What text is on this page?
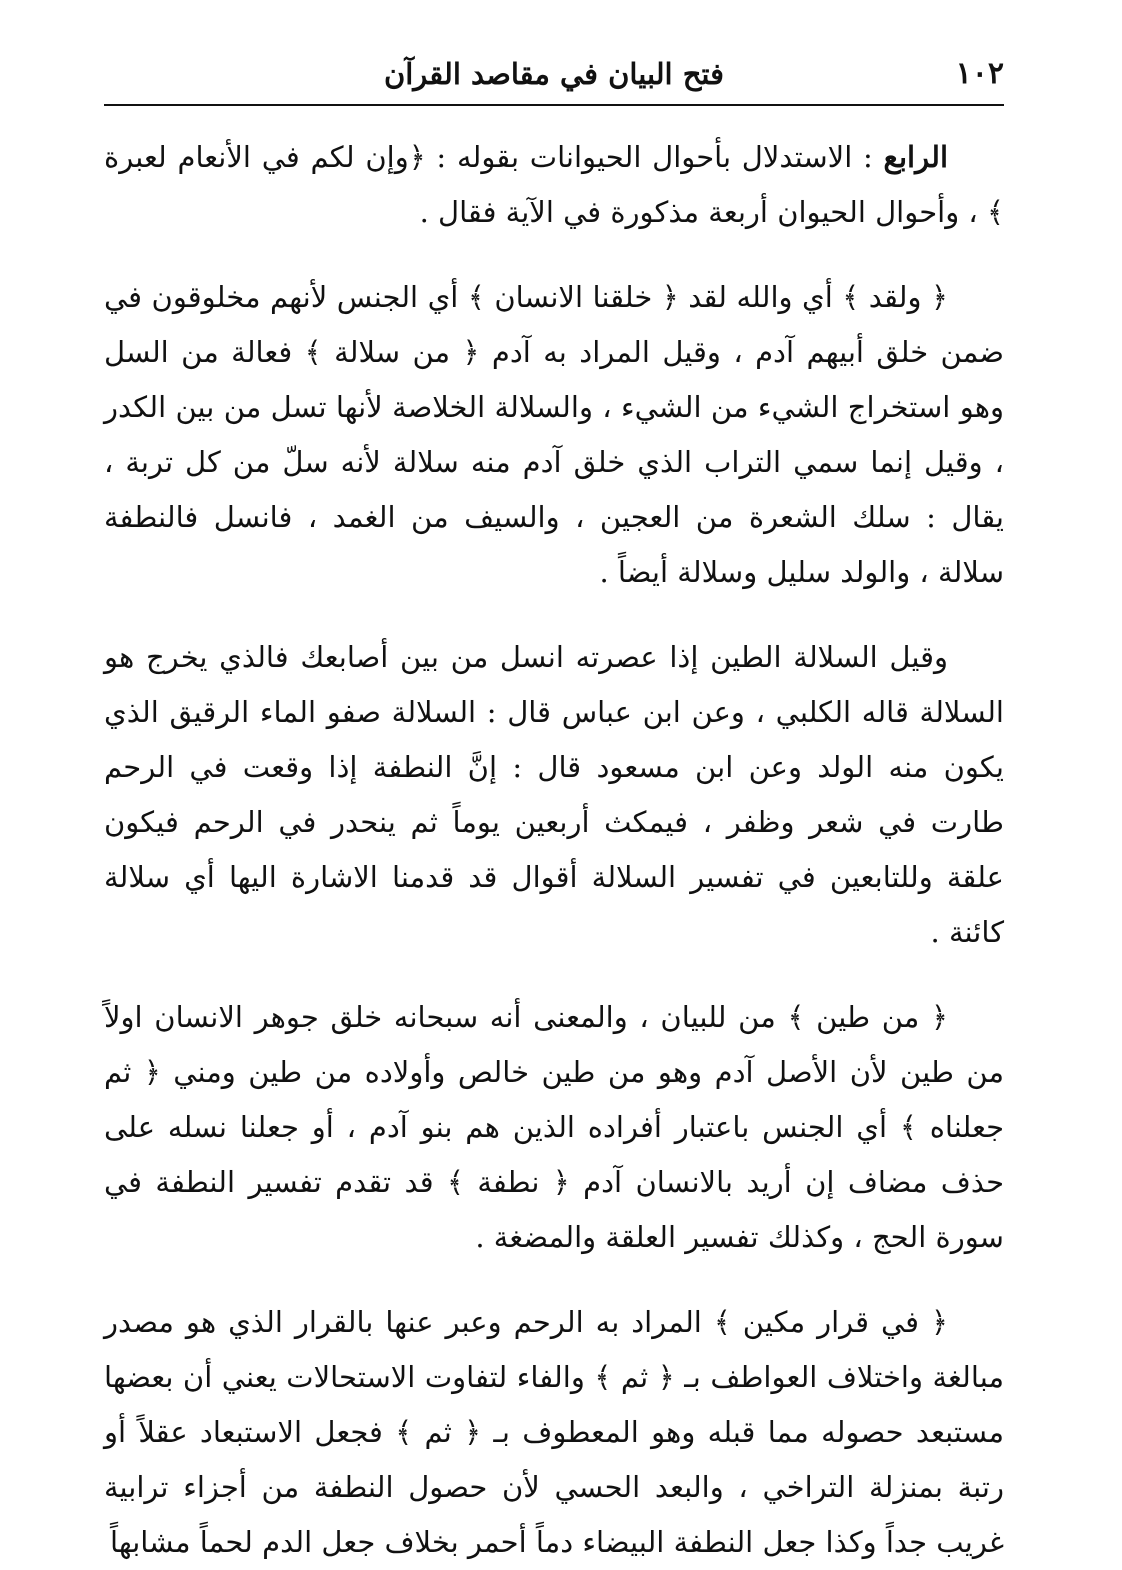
١٠٢
فتح البيان في مقاصد القرآن

الرابع : الاستدلال بأحوال الحيوانات بقوله : ﴿وإن لكم في الأنعام لعبرة ﴾ ، وأحوال الحيوان أربعة مذكورة في الآية فقال .

﴿ ولقد ﴾ أي والله لقد ﴿ خلقنا الانسان ﴾ أي الجنس لأنهم مخلوقون في ضمن خلق أبيهم آدم ، وقيل المراد به آدم ﴿ من سلالة ﴾ فعالة من السل وهو استخراج الشيء من الشيء ، والسلالة الخلاصة لأنها تسل من بين الكدر ، وقيل إنما سمي التراب الذي خلق آدم منه سلالة لأنه سلّ من كل تربة ، يقال : سلك الشعرة من العجين ، والسيف من الغمد ، فانسل فالنطفة سلالة ، والولد سليل وسلالة أيضاً .

وقيل السلالة الطين إذا عصرته انسل من بين أصابعك فالذي يخرج هو السلالة قاله الكلبي ، وعن ابن عباس قال : السلالة صفو الماء الرقيق الذي يكون منه الولد وعن ابن مسعود قال : إنَّ النطفة إذا وقعت في الرحم طارت في شعر وظفر ، فيمكث أربعين يوماً ثم ينحدر في الرحم فيكون علقة وللتابعين في تفسير السلالة أقوال قد قدمنا الاشارة اليها أي سلالة كائنة .

﴿ من طين ﴾ من للبيان ، والمعنى أنه سبحانه خلق جوهر الانسان اولاً من طين لأن الأصل آدم وهو من طين خالص وأولاده من طين ومني ﴿ ثم جعلناه ﴾ أي الجنس باعتبار أفراده الذين هم بنو آدم ، أو جعلنا نسله على حذف مضاف إن أريد بالانسان آدم ﴿ نطفة ﴾ قد تقدم تفسير النطفة في سورة الحج ، وكذلك تفسير العلقة والمضغة .

﴿ في قرار مكين ﴾ المراد به الرحم وعبر عنها بالقرار الذي هو مصدر مبالغة واختلاف العواطف بـ ﴿ ثم ﴾ والفاء لتفاوت الاستحالات يعني أن بعضها مستبعد حصوله مما قبله وهو المعطوف بـ ﴿ ثم ﴾ فجعل الاستبعاد عقلاً أو رتبة بمنزلة التراخي ، والبعد الحسي لأن حصول النطفة من أجزاء ترابية غريب جداً وكذا جعل النطفة البيضاء دماً أحمر بخلاف جعل الدم لحماً مشابهاً
